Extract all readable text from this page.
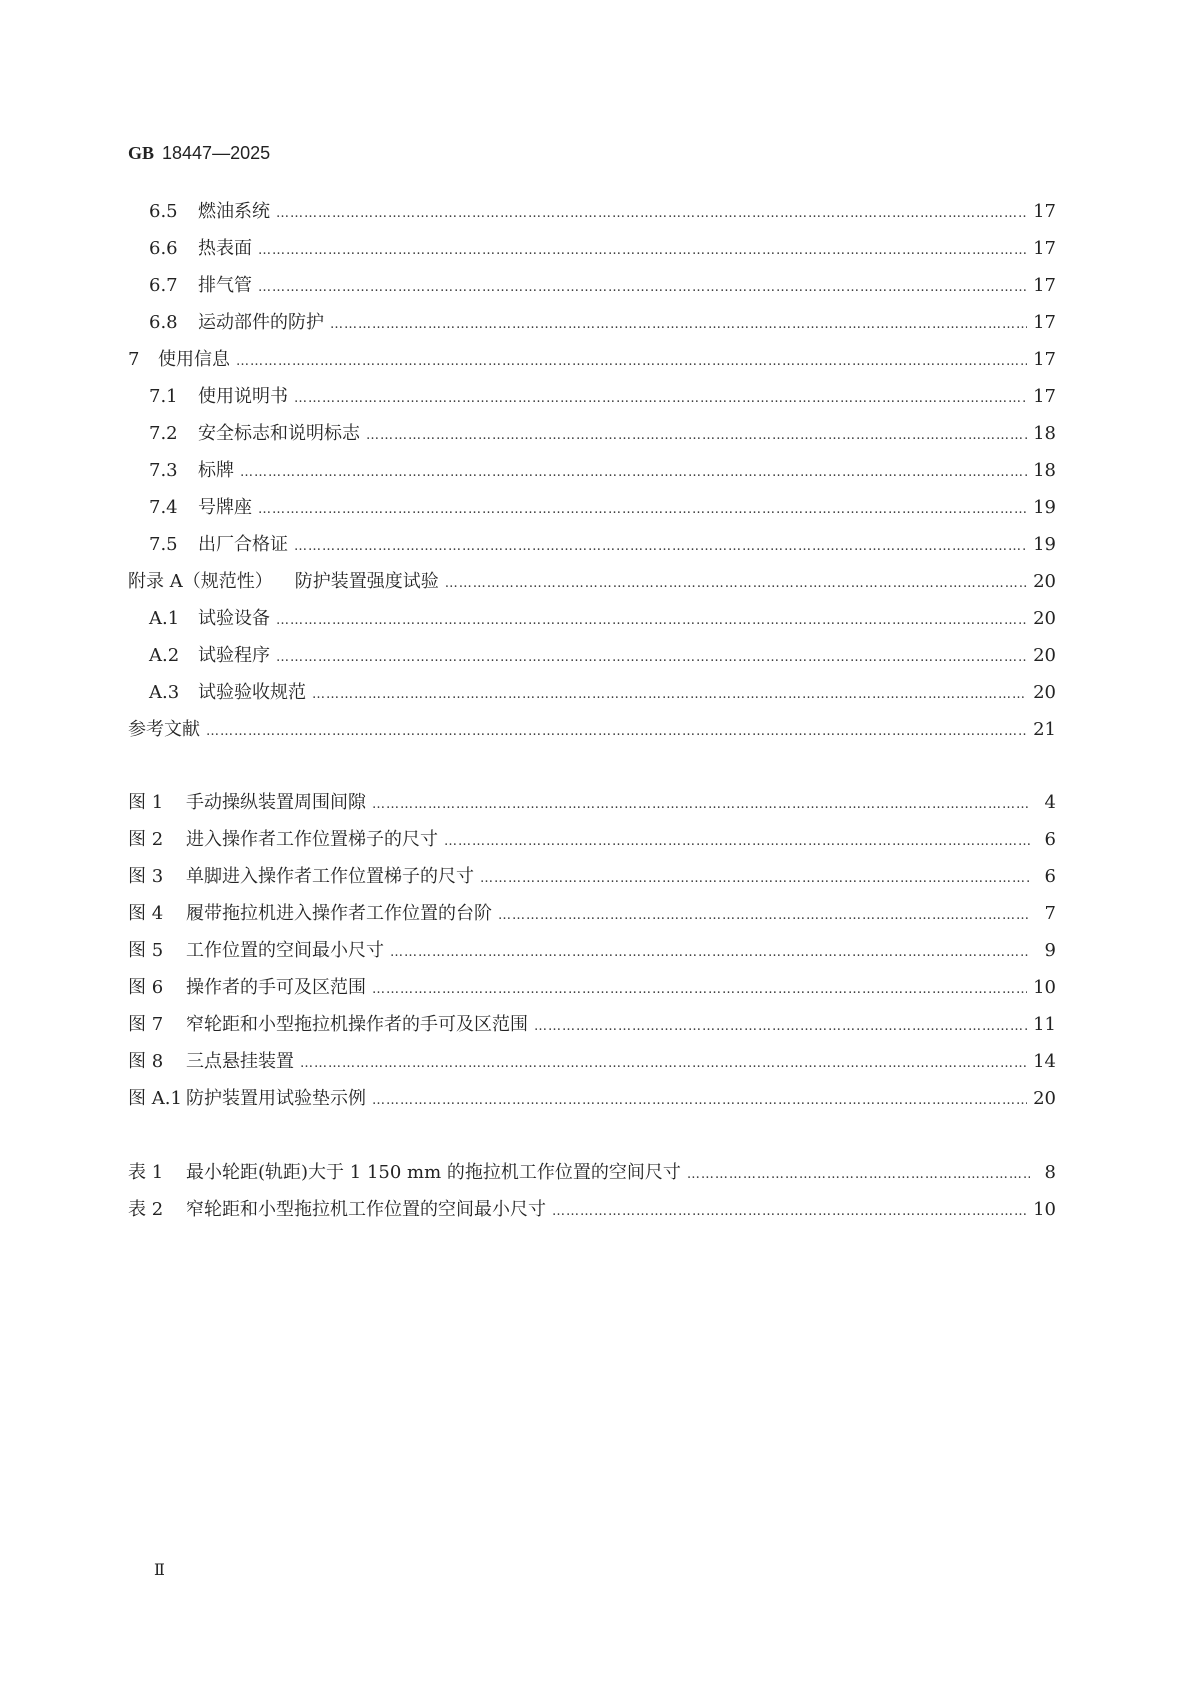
GB 18447—2025
6.5	燃油系统 …………………………………………………………………………………………………………………………………………………………………………………………………………………………	17
6.6	热表面 …………………………………………………………………………………………………………………………………………………………………………………………………………………………	17
6.7	排气管 …………………………………………………………………………………………………………………………………………………………………………………………………………………………	17
6.8	运动部件的防护 …………………………………………………………………………………………………………………………………………………………………………………………………………………………	17
7	使用信息 …………………………………………………………………………………………………………………………………………………………………………………………………………………………	17
7.1	使用说明书 …………………………………………………………………………………………………………………………………………………………………………………………………………………………	17
7.2	安全标志和说明标志 …………………………………………………………………………………………………………………………………………………………………………………………………………………………	18
7.3	标牌 …………………………………………………………………………………………………………………………………………………………………………………………………………………………	18
7.4	号牌座 …………………………………………………………………………………………………………………………………………………………………………………………………………………………	19
7.5	出厂合格证 …………………………………………………………………………………………………………………………………………………………………………………………………………………………	19
附录 A（规范性） 防护装置强度试验 …………………………………………………………………………………………………………………………………………………………………………………………………………………………	20
A.1	试验设备 …………………………………………………………………………………………………………………………………………………………………………………………………………………………	20
A.2	试验程序 …………………………………………………………………………………………………………………………………………………………………………………………………………………………	20
A.3	试验验收规范 …………………………………………………………………………………………………………………………………………………………………………………………………………………………	20
参考文献 …………………………………………………………………………………………………………………………………………………………………………………………………………………………	21
图 1	手动操纵装置周围间隙 …………………………………………………………………………………………………………………………………………………………………………………………………………………………	4
图 2	进入操作者工作位置梯子的尺寸 …………………………………………………………………………………………………………………………………………………………………………………………………………………………	6
图 3	单脚进入操作者工作位置梯子的尺寸 …………………………………………………………………………………………………………………………………………………………………………………………………………………………	6
图 4	履带拖拉机进入操作者工作位置的台阶 …………………………………………………………………………………………………………………………………………………………………………………………………………………………	7
图 5	工作位置的空间最小尺寸 …………………………………………………………………………………………………………………………………………………………………………………………………………………………	9
图 6	操作者的手可及区范围 …………………………………………………………………………………………………………………………………………………………………………………………………………………………	10
图 7	窄轮距和小型拖拉机操作者的手可及区范围 …………………………………………………………………………………………………………………………………………………………………………………………………………………………	11
图 8	三点悬挂装置 …………………………………………………………………………………………………………………………………………………………………………………………………………………………	14
图 A.1 防护装置用试验垫示例 …………………………………………………………………………………………………………………………………………………………………………………………………………………………	20
表 1	最小轮距(轨距)大于 1 150 mm 的拖拉机工作位置的空间尺寸 …………………………………………………………………………………………………………………………………………………………………………………………………………………………	8
表 2	窄轮距和小型拖拉机工作位置的空间最小尺寸 …………………………………………………………………………………………………………………………………………………………………………………………………………………………	10
Ⅱ
